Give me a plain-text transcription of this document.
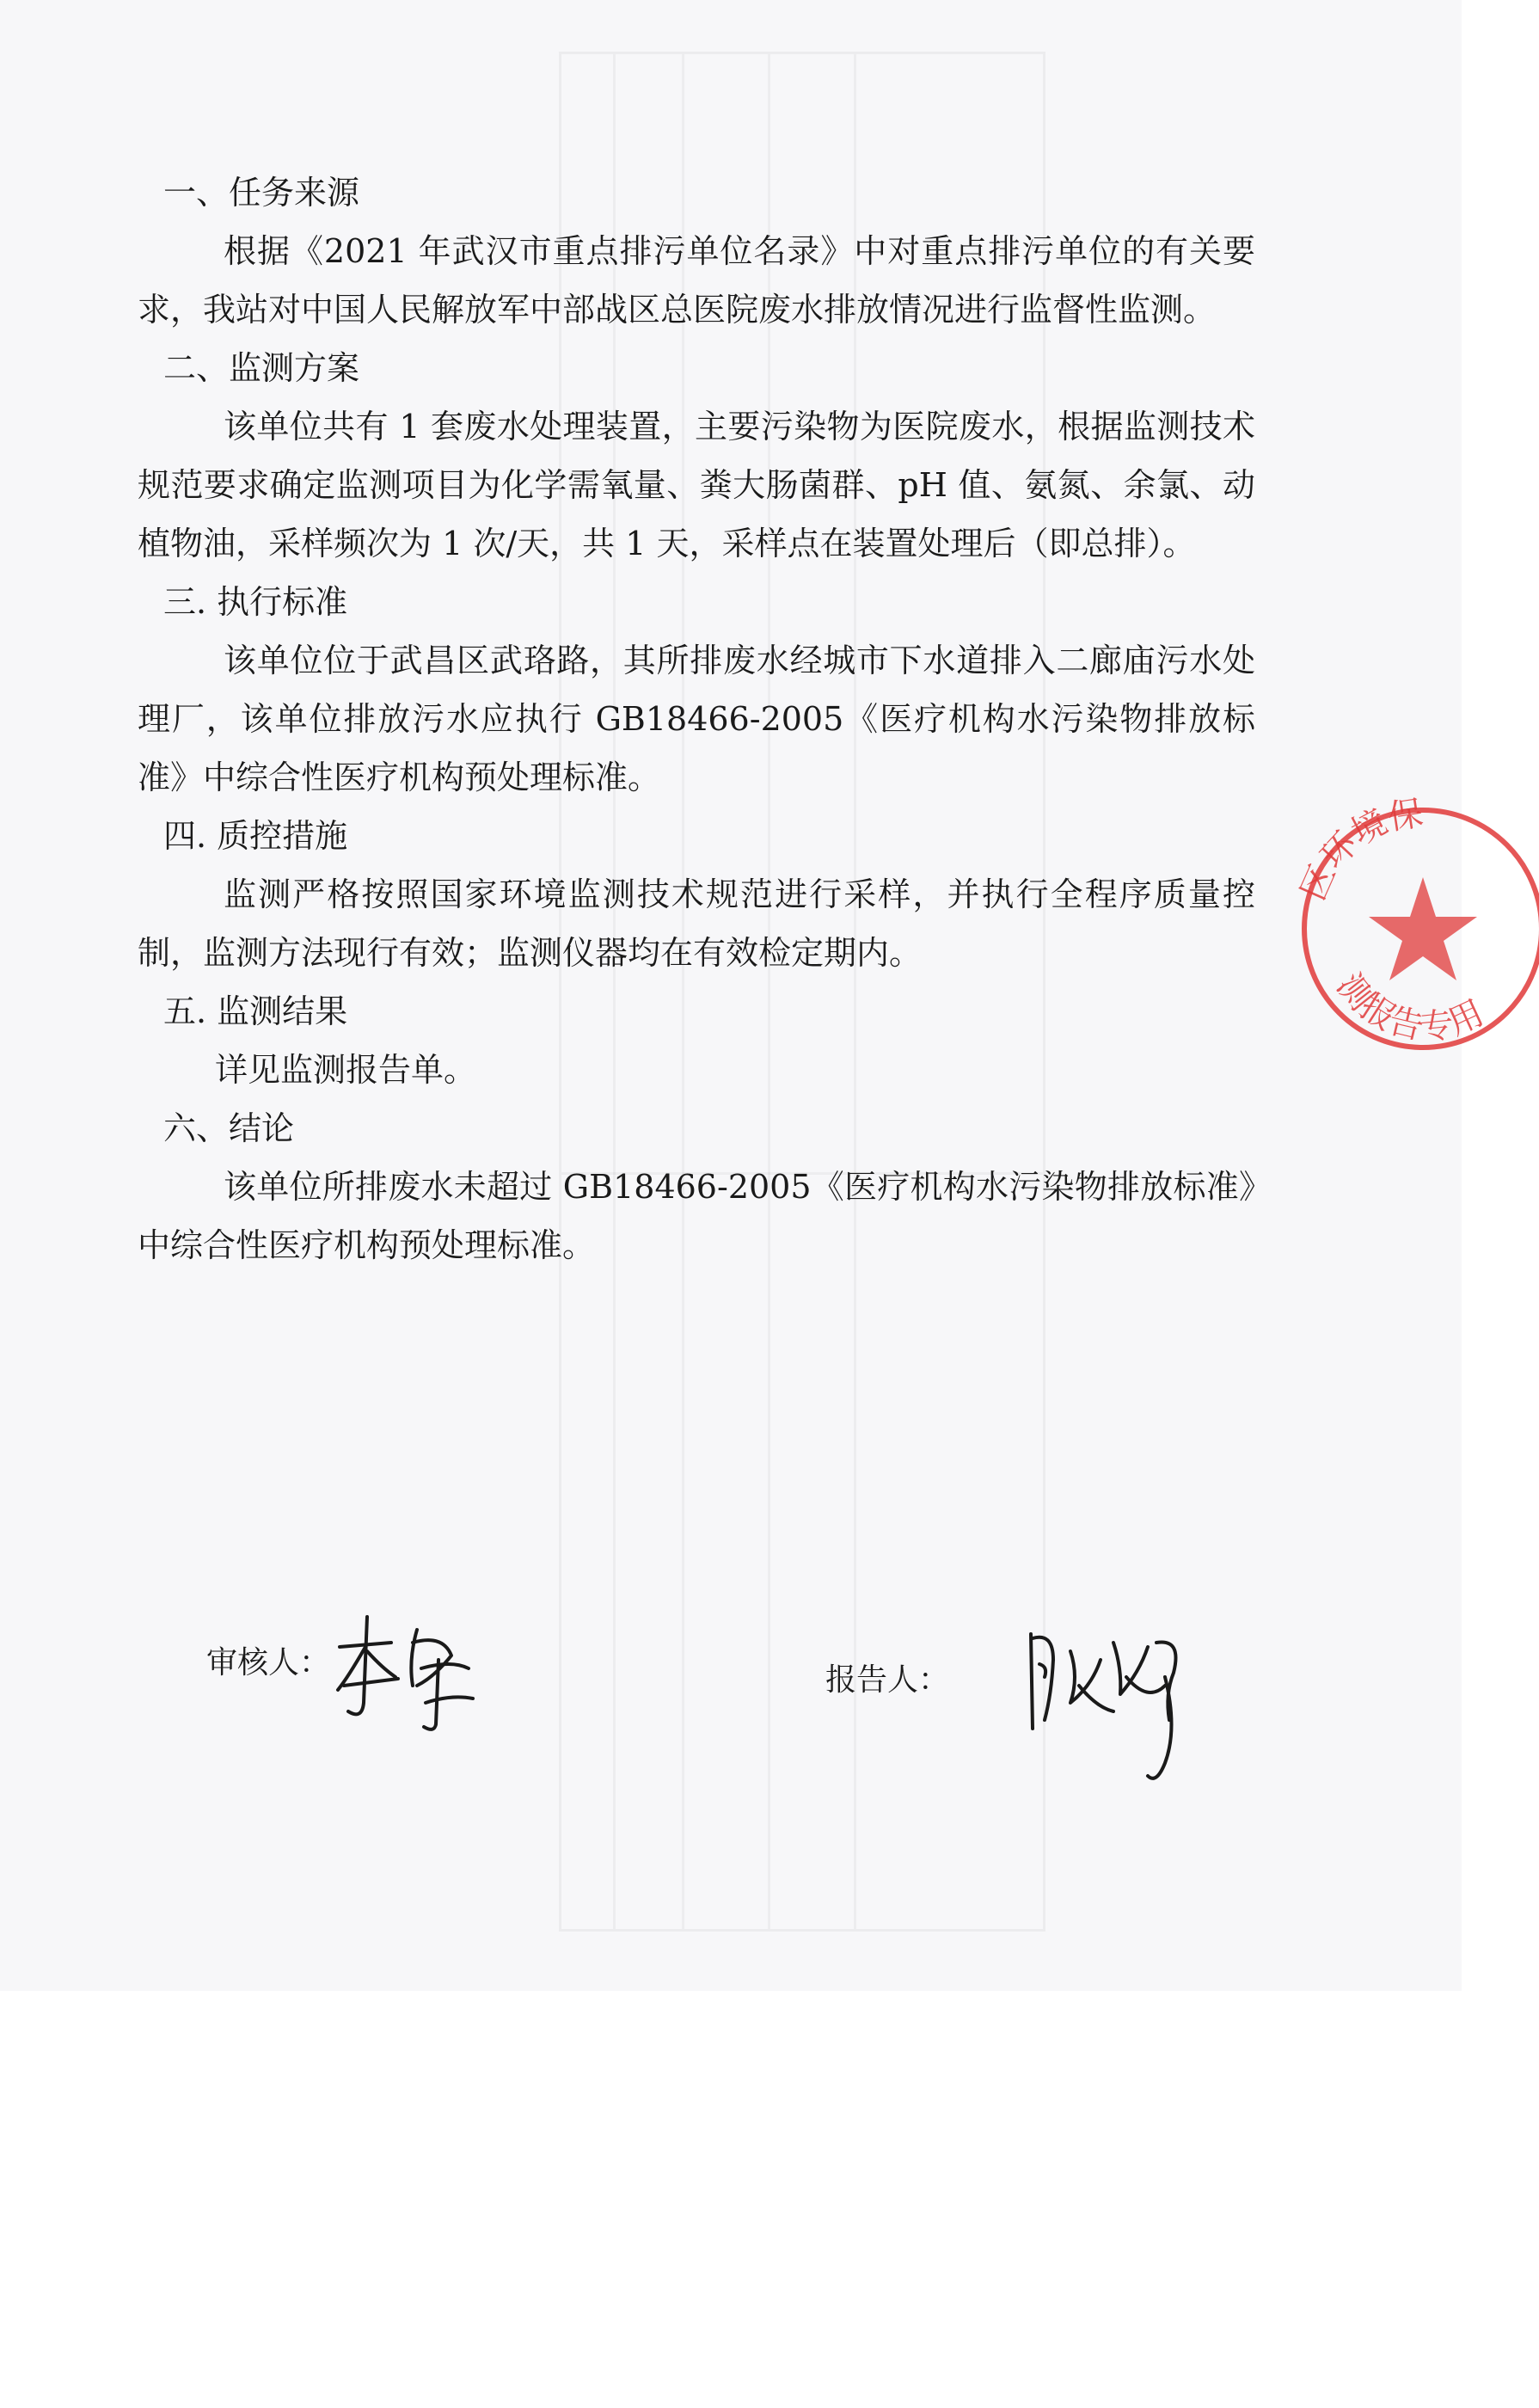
一、任务来源

根据《2021 年武汉市重点排污单位名录》中对重点排污单位的有关要求，我站对中国人民解放军中部战区总医院废水排放情况进行监督性监测。

二、监测方案

该单位共有 1 套废水处理装置，主要污染物为医院废水，根据监测技术规范要求确定监测项目为化学需氧量、粪大肠菌群、pH 值、氨氮、余氯、动植物油，采样频次为 1 次/天，共 1 天，采样点在装置处理后（即总排）。

三. 执行标准

该单位位于武昌区武珞路，其所排废水经城市下水道排入二廊庙污水处理厂，该单位排放污水应执行 GB18466-2005《医疗机构水污染物排放标准》中综合性医疗机构预处理标准。

四. 质控措施

监测严格按照国家环境监测技术规范进行采样，并执行全程序质量控制，监测方法现行有效；监测仪器均在有效检定期内。

五. 监测结果

详见监测报告单。

六、结论

该单位所排废水未超过 GB18466-2005《医疗机构水污染物排放标准》中综合性医疗机构预处理标准。

审核人：	报告人：
区环境保
测报告专用
